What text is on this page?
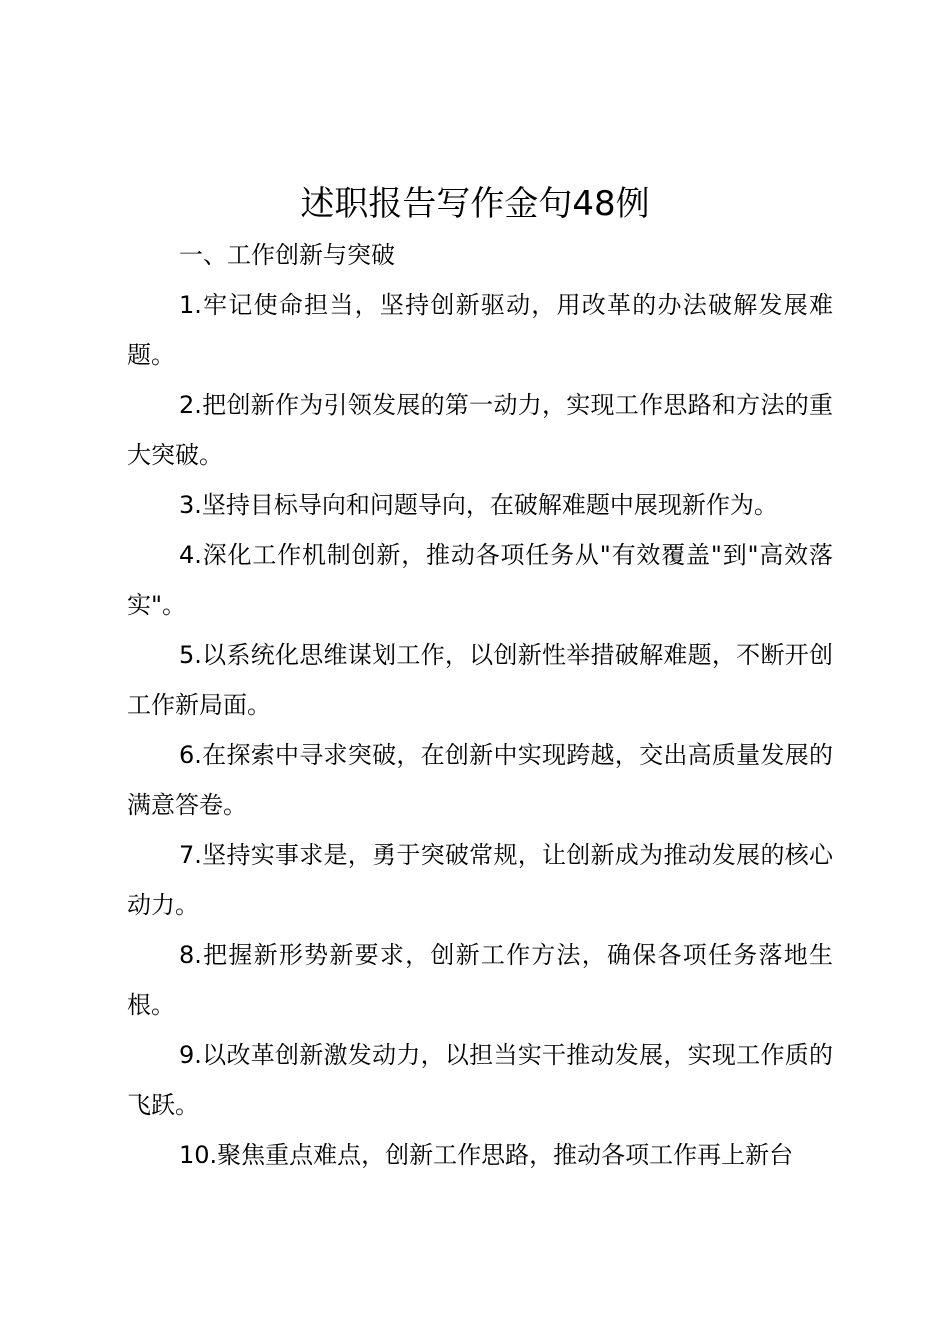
述职报告写作金句48例

一、工作创新与突破

1.牢记使命担当，坚持创新驱动，用改革的办法破解发展难题。

2.把创新作为引领发展的第一动力，实现工作思路和方法的重大突破。

3.坚持目标导向和问题导向，在破解难题中展现新作为。

4.深化工作机制创新，推动各项任务从"有效覆盖"到"高效落实"。

5.以系统化思维谋划工作，以创新性举措破解难题，不断开创工作新局面。

6.在探索中寻求突破，在创新中实现跨越，交出高质量发展的满意答卷。

7.坚持实事求是，勇于突破常规，让创新成为推动发展的核心动力。

8.把握新形势新要求，创新工作方法，确保各项任务落地生根。

9.以改革创新激发动力，以担当实干推动发展，实现工作质的飞跃。

10.聚焦重点难点，创新工作思路，推动各项工作再上新台
